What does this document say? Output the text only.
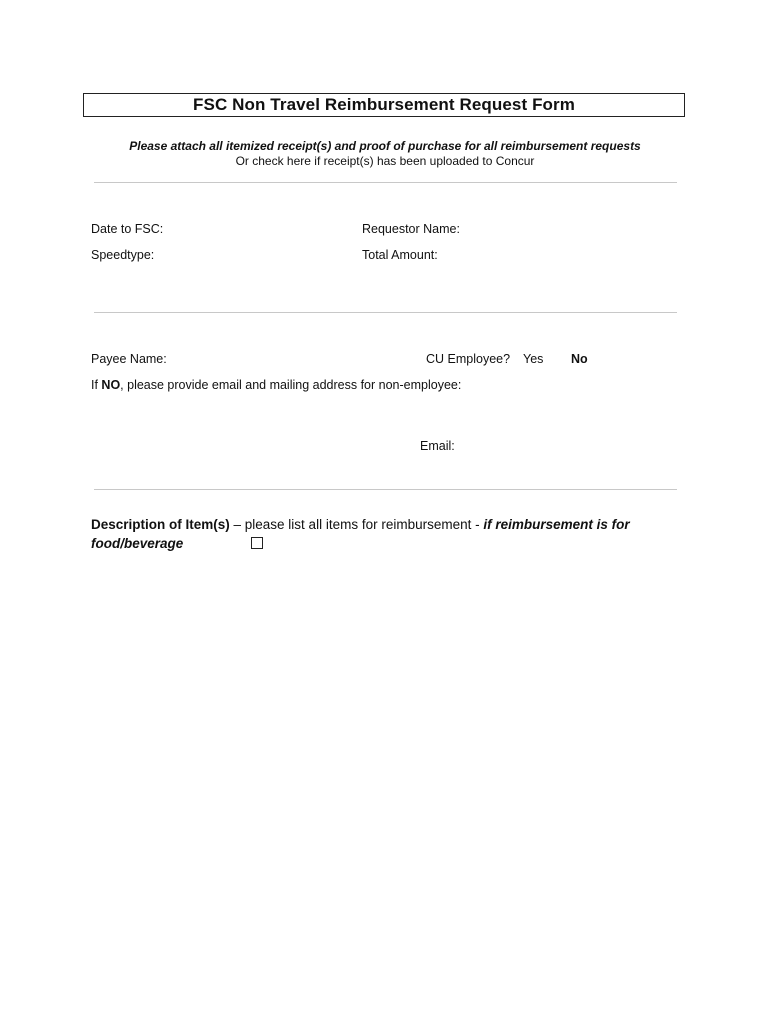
FSC Non Travel Reimbursement Request Form
Please attach all itemized receipt(s) and proof of purchase for all reimbursement requests
Or check here if receipt(s) has been uploaded to Concur
Date to FSC:	Requestor Name:
Speedtype:	Total Amount:
Payee Name:	CU Employee? Yes No
If NO, please provide email and mailing address for non-employee:
Email:
Description of Item(s) – please list all items for reimbursement - if reimbursement is for food/beverage
